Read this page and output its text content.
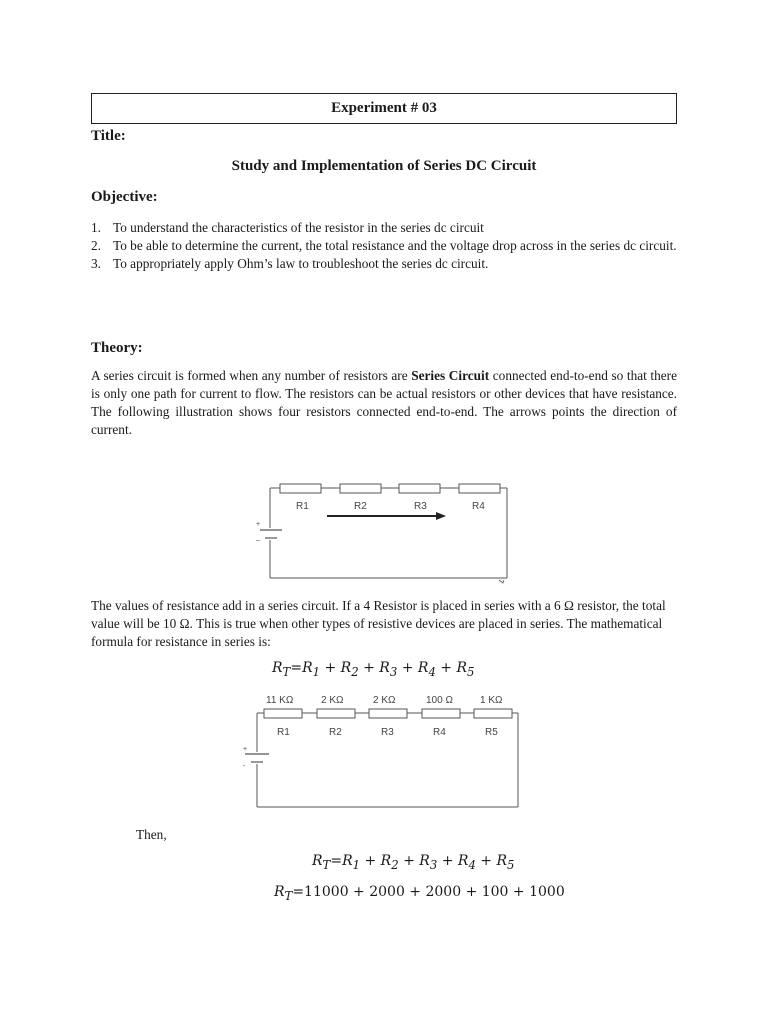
Experiment # 03
Title:
Study and Implementation of Series DC Circuit
Objective:
1. To understand the characteristics of the resistor in the series dc circuit
2. To be able to determine the current, the total resistance and the voltage drop across in the series dc circuit.
3. To appropriately apply Ohm’s law to troubleshoot the series dc circuit.
Theory:

A series circuit is formed when any number of resistors are Series Circuit connected end-to-end so that there is only one path for current to flow. The resistors can be actual resistors or other devices that have resistance. The following illustration shows four resistors connected end-to-end. The arrows points the direction of current.

+
–
R1	R2	R3	R4

The values of resistance add in a series circuit. If a 4 Resistor is placed in series with a 6 Ω resistor, the total value will be 10 Ω. This is true when other types of resistive devices are placed in series. The mathematical formula for resistance in series is:

$R_T=R_1 + R_2 + R_3 + R_4 + R_5$
+
-
11 KΩ	2 KΩ	2 KΩ	100 Ω	1 KΩ
R1	R2	R3	R4	R5
Then,
$R_T=R_1 + R_2 + R_3 + R_4 + R_5$
$R_T=11000 + 2000 + 2000 + 100 + 1000$
